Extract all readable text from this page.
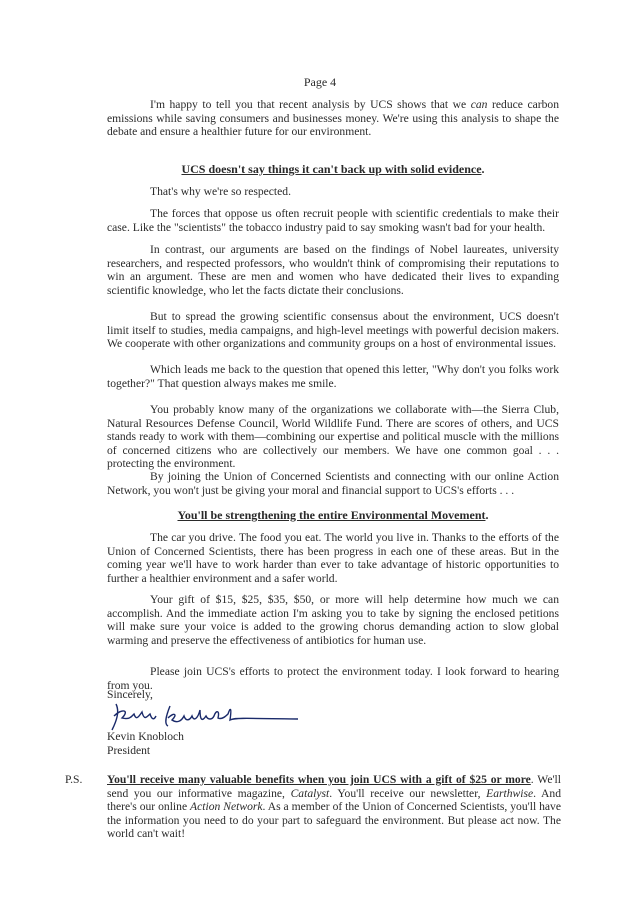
Page 4

I'm happy to tell you that recent analysis by UCS shows that we can reduce carbon emissions while saving consumers and businesses money. We're using this analysis to shape the debate and ensure a healthier future for our environment.

UCS doesn't say things it can't back up with solid evidence.

That's why we're so respected.

The forces that oppose us often recruit people with scientific credentials to make their case. Like the "scientists" the tobacco industry paid to say smoking wasn't bad for your health.

In contrast, our arguments are based on the findings of Nobel laureates, university researchers, and respected professors, who wouldn't think of compromising their reputations to win an argument. These are men and women who have dedicated their lives to expanding scientific knowledge, who let the facts dictate their conclusions.

But to spread the growing scientific consensus about the environment, UCS doesn't limit itself to studies, media campaigns, and high-level meetings with powerful decision makers. We cooperate with other organizations and community groups on a host of environmental issues.

Which leads me back to the question that opened this letter, "Why don't you folks work together?" That question always makes me smile.

You probably know many of the organizations we collaborate with—the Sierra Club, Natural Resources Defense Council, World Wildlife Fund. There are scores of others, and UCS stands ready to work with them—combining our expertise and political muscle with the millions of concerned citizens who are collectively our members. We have one common goal . . . protecting the environment.

By joining the Union of Concerned Scientists and connecting with our online Action Network, you won't just be giving your moral and financial support to UCS's efforts . . .

You'll be strengthening the entire Environmental Movement.

The car you drive. The food you eat. The world you live in. Thanks to the efforts of the Union of Concerned Scientists, there has been progress in each one of these areas. But in the coming year we'll have to work harder than ever to take advantage of historic opportunities to further a healthier environment and a safer world.

Your gift of $15, $25, $35, $50, or more will help determine how much we can accomplish. And the immediate action I'm asking you to take by signing the enclosed petitions will make sure your voice is added to the growing chorus demanding action to slow global warming and preserve the effectiveness of antibiotics for human use.

Please join UCS's efforts to protect the environment today. I look forward to hearing from you.

Sincerely,

Kevin Knobloch

President

P.S. You'll receive many valuable benefits when you join UCS with a gift of $25 or more. We'll send you our informative magazine, Catalyst. You'll receive our newsletter, Earthwise. And there's our online Action Network. As a member of the Union of Concerned Scientists, you'll have the information you need to do your part to safeguard the environment. But please act now. The world can't wait!
